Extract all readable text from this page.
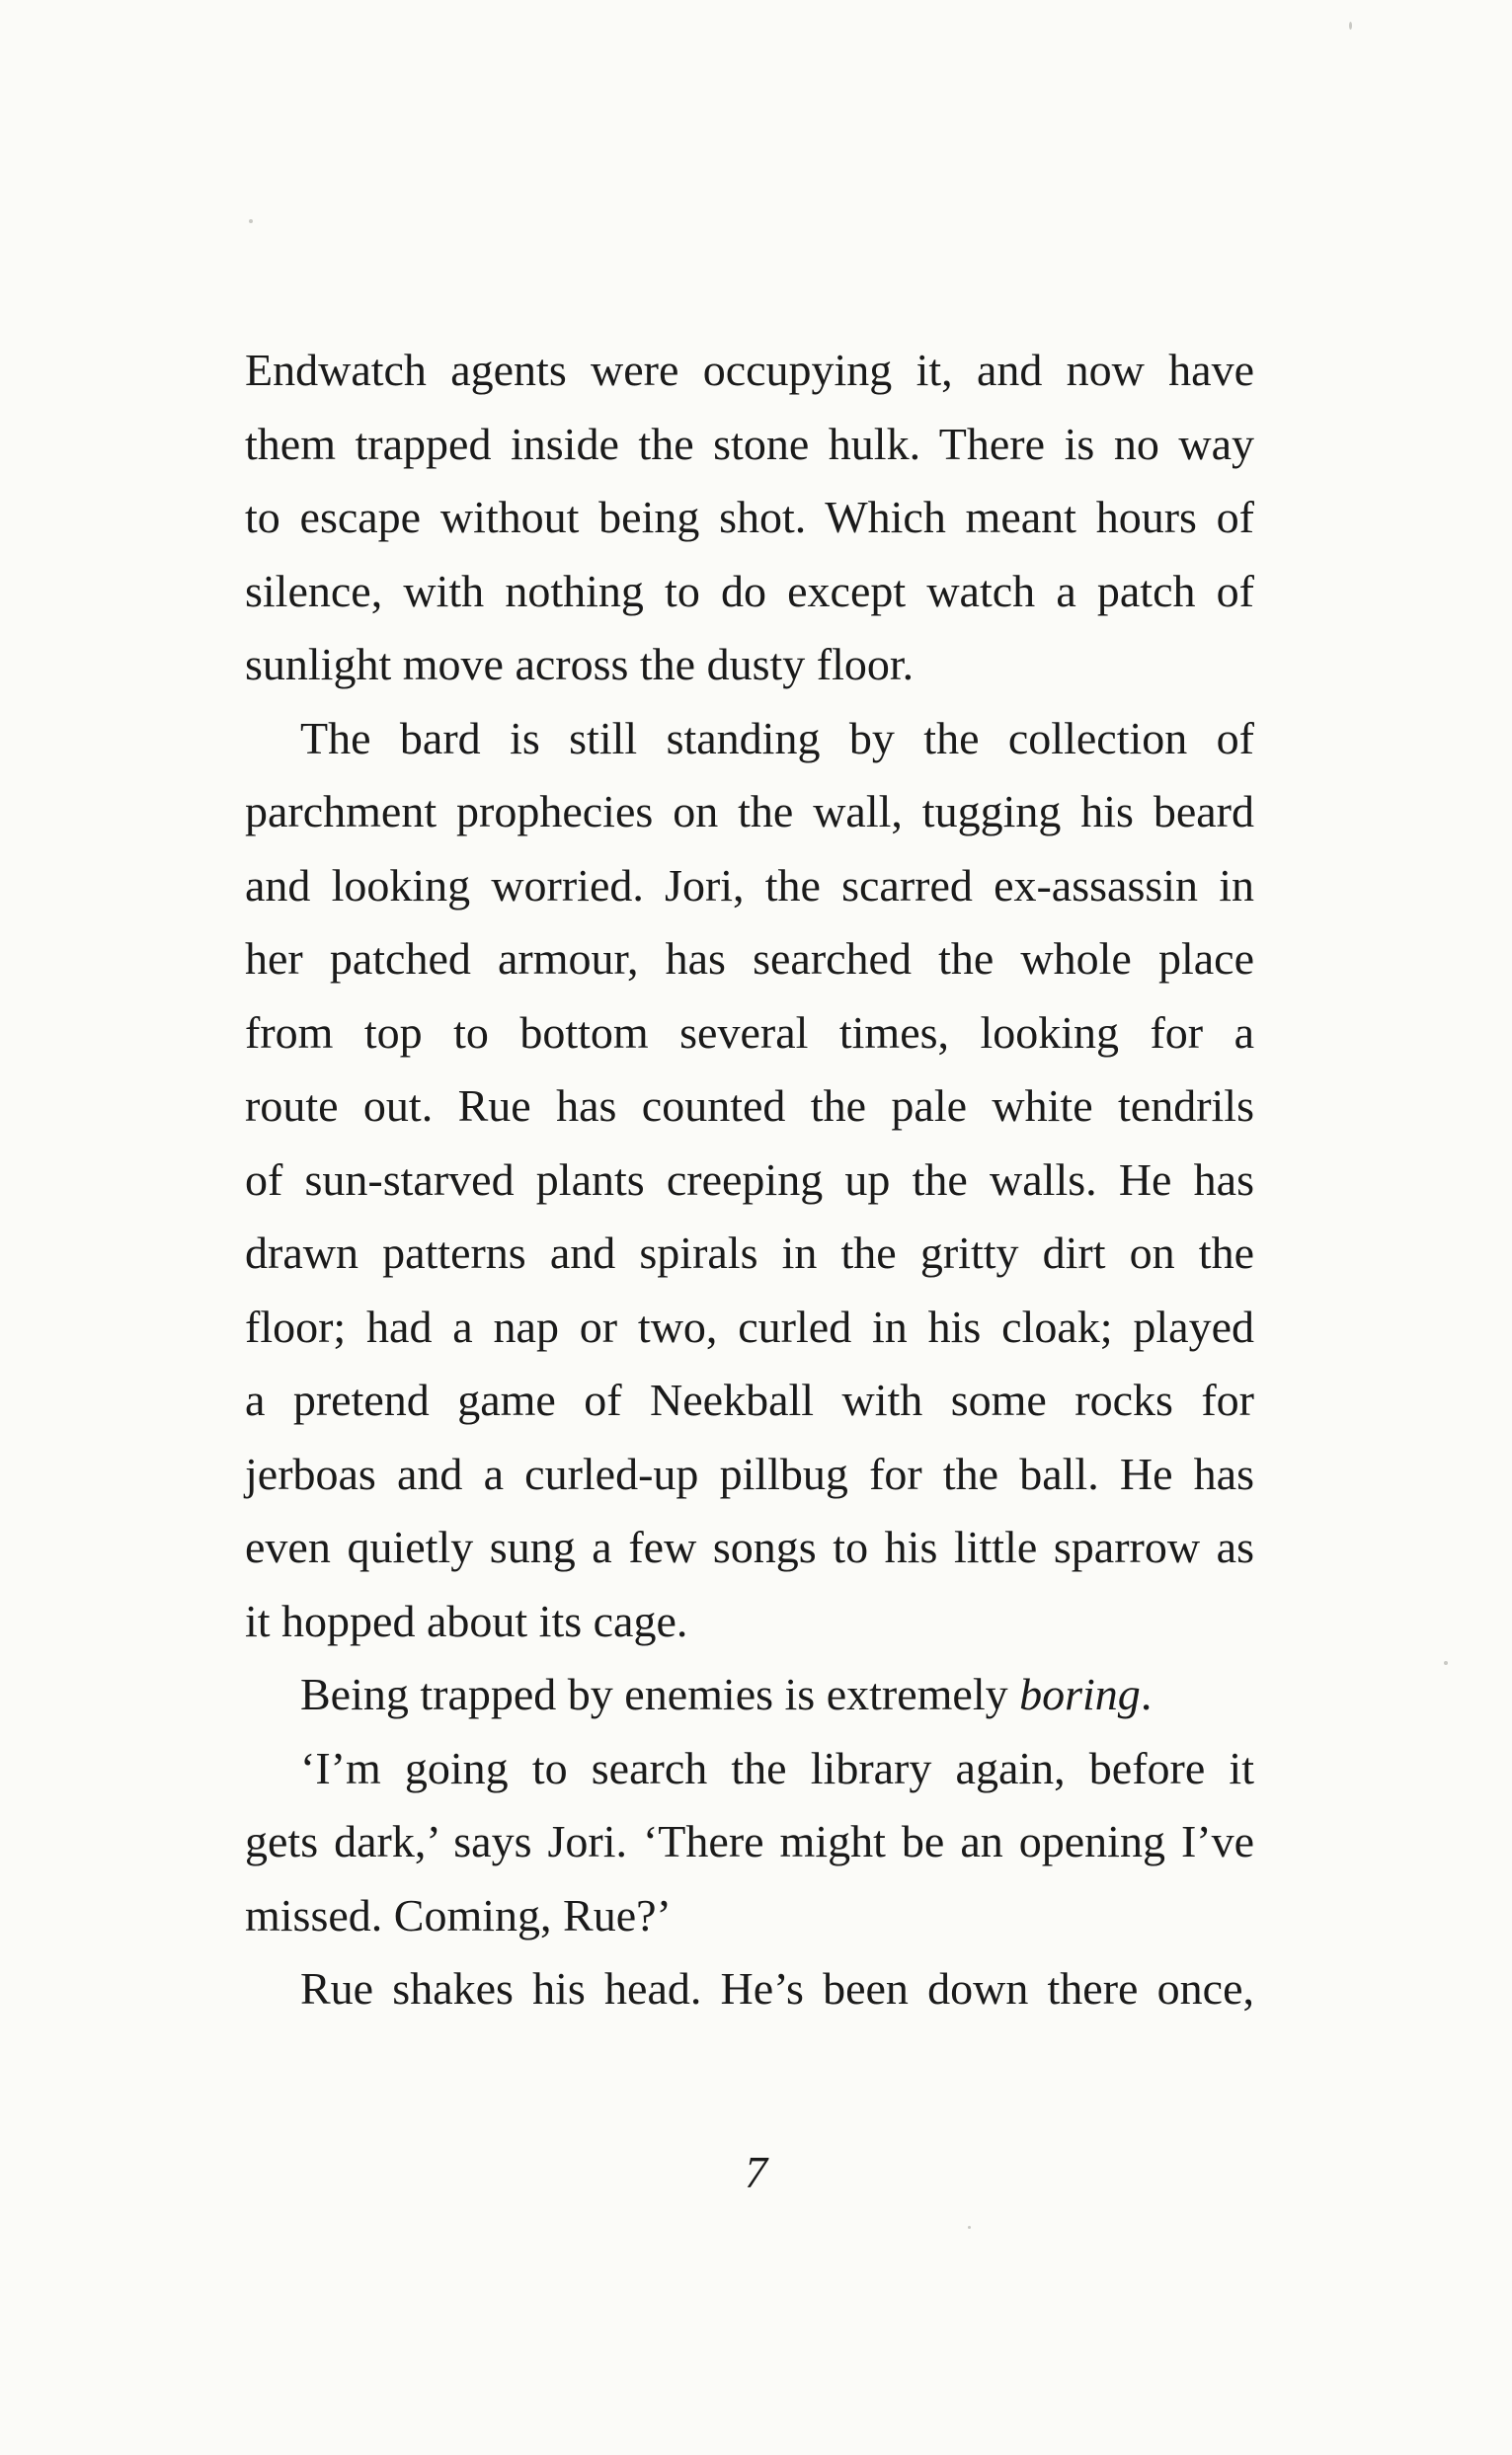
Endwatch agents were occupying it, and now have
them trapped inside the stone hulk. There is no way
to escape without being shot. Which meant hours of
silence, with nothing to do except watch a patch of
sunlight move across the dusty floor.
The bard is still standing by the collection of
parchment prophecies on the wall, tugging his beard
and looking worried. Jori, the scarred ex-assassin in
her patched armour, has searched the whole place
from top to bottom several times, looking for a
route out. Rue has counted the pale white tendrils
of sun-starved plants creeping up the walls. He has
drawn patterns and spirals in the gritty dirt on the
floor; had a nap or two, curled in his cloak; played
a pretend game of Neekball with some rocks for
jerboas and a curled-up pillbug for the ball. He has
even quietly sung a few songs to his little sparrow as
it hopped about its cage.
Being trapped by enemies is extremely boring.
‘I’m going to search the library again, before it
gets dark,’ says Jori. ‘There might be an opening I’ve
missed. Coming, Rue?’
Rue shakes his head. He’s been down there once,
7
